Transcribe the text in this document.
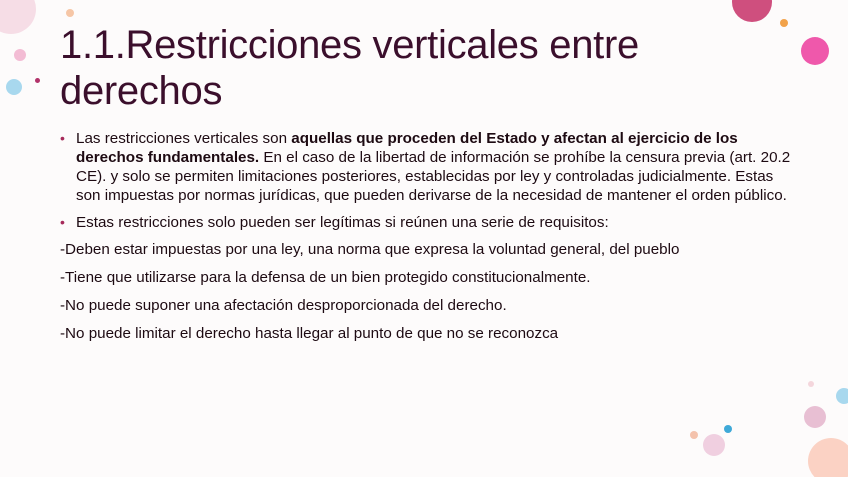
1.1.Restricciones verticales entre derechos
• Las restricciones verticales son aquellas que proceden del Estado y afectan al ejercicio de los derechos fundamentales. En el caso de la libertad de información se prohíbe la censura previa (art. 20.2 CE). y solo se permiten limitaciones posteriores, establecidas por ley y controladas judicialmente. Estas son impuestas por normas jurídicas, que pueden derivarse de la necesidad de mantener el orden público.
• Estas restricciones solo pueden ser legítimas si reúnen una serie de requisitos:

-Deben estar impuestas por una ley, una norma que expresa la voluntad general, del pueblo

-Tiene que utilizarse para la defensa de un bien protegido constitucionalmente.

-No puede suponer una afectación desproporcionada del derecho.

-No puede limitar el derecho hasta llegar al punto de que no se reconozca
